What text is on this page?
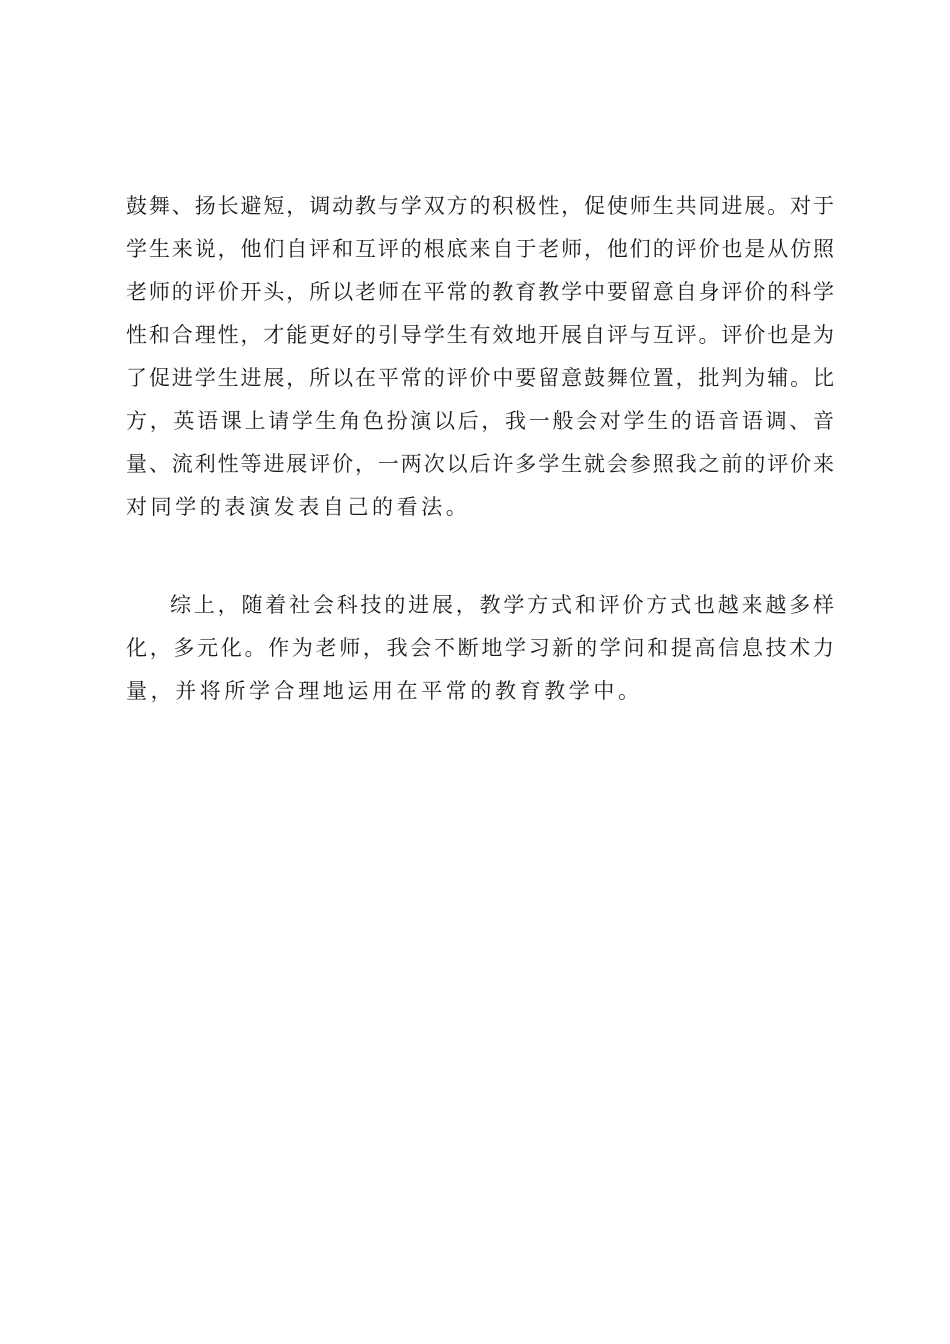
鼓舞、扬长避短，调动教与学双方的积极性，促使师生共同进展。对于
学生来说，他们自评和互评的根底来自于老师，他们的评价也是从仿照
老师的评价开头，所以老师在平常的教育教学中要留意自身评价的科学
性和合理性，才能更好的引导学生有效地开展自评与互评。评价也是为
了促进学生进展，所以在平常的评价中要留意鼓舞位置，批判为辅。比
方，英语课上请学生角色扮演以后，我一般会对学生的语音语调、音
量、流利性等进展评价，一两次以后许多学生就会参照我之前的评价来
对同学的表演发表自己的看法。
综上，随着社会科技的进展，教学方式和评价方式也越来越多样
化，多元化。作为老师，我会不断地学习新的学问和提高信息技术力
量，并将所学合理地运用在平常的教育教学中。
